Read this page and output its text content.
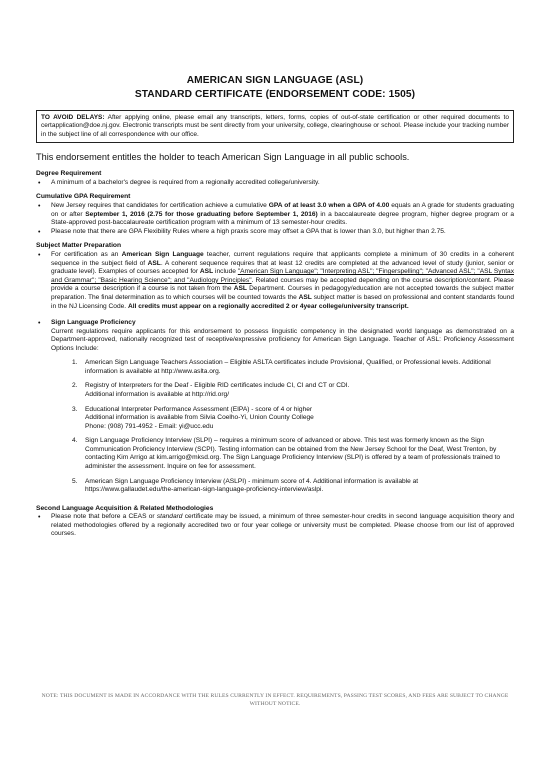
AMERICAN SIGN LANGUAGE (ASL)
STANDARD CERTIFICATE (ENDORSEMENT CODE: 1505)
TO AVOID DELAYS: After applying online, please email any transcripts, letters, forms, copies of out-of-state certification or other required documents to certapplication@doe.nj.gov. Electronic transcripts must be sent directly from your university, college, clearinghouse or school. Please include your tracking number in the subject line of all correspondence with our office.
This endorsement entitles the holder to teach American Sign Language in all public schools.
Degree Requirement
• A minimum of a bachelor's degree is required from a regionally accredited college/university.
Cumulative GPA Requirement
• New Jersey requires that candidates for certification achieve a cumulative GPA of at least 3.0 when a GPA of 4.00 equals an A grade for students graduating on or after September 1, 2016 (2.75 for those graduating before September 1, 2016) in a baccalaureate degree program, higher degree program or a State-approved post-baccalaureate certification program with a minimum of 13 semester-hour credits.
• Please note that there are GPA Flexibility Rules where a high praxis score may offset a GPA that is lower than 3.0, but higher than 2.75.
Subject Matter Preparation
• For certification as an American Sign Language teacher, current regulations require that applicants complete a minimum of 30 credits in a coherent sequence in the subject field of ASL. A coherent sequence requires that at least 12 credits are completed at the advanced level of study (junior, senior or graduate level). Examples of courses accepted for ASL include "American Sign Language"; "Interpreting ASL"; "Fingerspelling"; "Advanced ASL"; "ASL Syntax and Grammar"; "Basic Hearing Science"; and "Audiology Principles". Related courses may be accepted depending on the course description/content. Please provide a course description if a course is not taken from the ASL Department. Courses in pedagogy/education are not accepted towards the subject matter preparation. The final determination as to which courses will be counted towards the ASL subject matter is based on professional and content standards found in the NJ Licensing Code. All credits must appear on a regionally accredited 2 or 4year college/university transcript.
• Sign Language Proficiency
Current regulations require applicants for this endorsement to possess linguistic competency in the designated world language as demonstrated on a Department-approved, nationally recognized test of receptive/expressive proficiency for American Sign Language. Teacher of ASL: Proficiency Assessment Options Include:
1. American Sign Language Teachers Association – Eligible ASLTA certificates include Provisional, Qualified, or Professional levels. Additional information is available at http://www.aslta.org.
2. Registry of Interpreters for the Deaf - Eligible RID certificates include CI, CI and CT or CDI.
Additional information is available at http://rid.org/
3. Educational Interpreter Performance Assessment (EIPA) - score of 4 or higher
Additional information is available from Silvia Coelho-Yi, Union County College
Phone: (908) 791-4952 - Email: yi@ucc.edu
4. Sign Language Proficiency Interview (SLPI) – requires a minimum score of advanced or above. This test was formerly known as the Sign Communication Proficiency Interview (SCPI). Testing information can be obtained from the New Jersey School for the Deaf, West Trenton, by contacting Kim Arrigo at kim.arrigo@mksd.org. The Sign Language Proficiency Interview (SLPI) is offered by a team of professionals trained to administer the assessment. Inquire on fee for assessment.
5. American Sign Language Proficiency Interview (ASLPI) - minimum score of 4. Additional information is available at https://www.gallaudet.edu/the-american-sign-language-proficiency-interview/aslpi.
Second Language Acquisition & Related Methodologies
• Please note that before a CEAS or standard certificate may be issued, a minimum of three semester-hour credits in second language acquisition theory and related methodologies offered by a regionally accredited two or four year college or university must be completed. Please choose from our list of approved courses.
NOTE: THIS DOCUMENT IS MADE IN ACCORDANCE WITH THE RULES CURRENTLY IN EFFECT. REQUIREMENTS, PASSING TEST SCORES, AND FEES ARE SUBJECT TO CHANGE WITHOUT NOTICE.
